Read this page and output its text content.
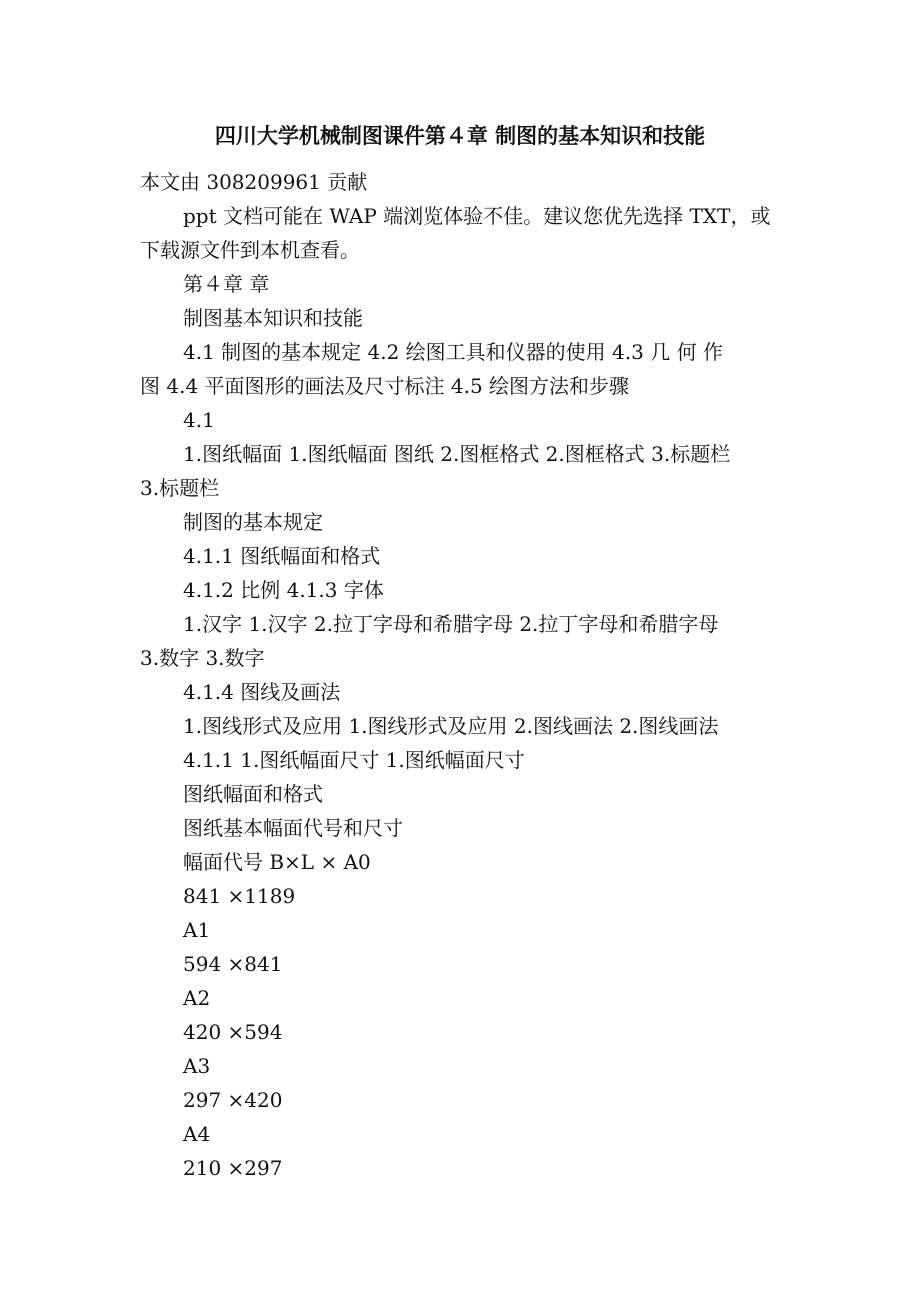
四川大学机械制图课件第４章 制图的基本知识和技能
本文由 308209961 贡献
ppt 文档可能在 WAP 端浏览体验不佳。建议您优先选择 TXT，或
下载源文件到本机查看。
第４章 章
制图基本知识和技能
4.1 制图的基本规定 4.2 绘图工具和仪器的使用 4.3 几 何 作
图 4.4 平面图形的画法及尺寸标注 4.5 绘图方法和步骤
4.1
1.图纸幅面 1.图纸幅面 图纸 2.图框格式 2.图框格式 3.标题栏
3.标题栏
制图的基本规定
4.1.1 图纸幅面和格式
4.1.2 比例 4.1.3 字体
1.汉字 1.汉字 2.拉丁字母和希腊字母 2.拉丁字母和希腊字母
3.数字 3.数字
4.1.4 图线及画法
1.图线形式及应用 1.图线形式及应用 2.图线画法 2.图线画法
4.1.1 1.图纸幅面尺寸 1.图纸幅面尺寸
图纸幅面和格式
图纸基本幅面代号和尺寸
幅面代号 B×L × A0
841 ×1189
A1
594 ×841
A2
420 ×594
A3
297 ×420
A4
210 ×297
